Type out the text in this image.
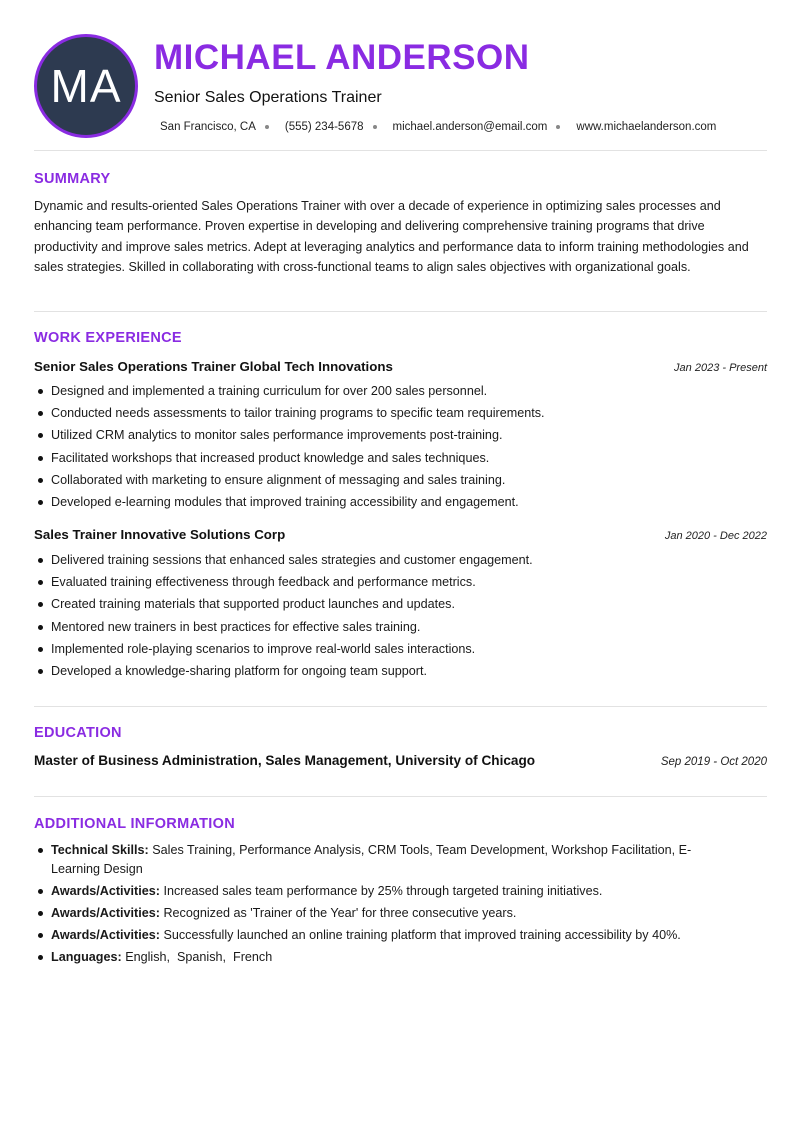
MA
MICHAEL ANDERSON
Senior Sales Operations Trainer
San Francisco, CA	(555) 234-5678	michael.anderson@email.com	www.michaelanderson.com
SUMMARY
Dynamic and results-oriented Sales Operations Trainer with over a decade of experience in optimizing sales processes and enhancing team performance. Proven expertise in developing and delivering comprehensive training programs that drive productivity and improve sales metrics. Adept at leveraging analytics and performance data to inform training methodologies and sales strategies. Skilled in collaborating with cross-functional teams to align sales objectives with organizational goals.
WORK EXPERIENCE
Senior Sales Operations Trainer Global Tech Innovations	Jan 2023 - Present
Designed and implemented a training curriculum for over 200 sales personnel.
Conducted needs assessments to tailor training programs to specific team requirements.
Utilized CRM analytics to monitor sales performance improvements post-training.
Facilitated workshops that increased product knowledge and sales techniques.
Collaborated with marketing to ensure alignment of messaging and sales training.
Developed e-learning modules that improved training accessibility and engagement.
Sales Trainer Innovative Solutions Corp	Jan 2020 - Dec 2022
Delivered training sessions that enhanced sales strategies and customer engagement.
Evaluated training effectiveness through feedback and performance metrics.
Created training materials that supported product launches and updates.
Mentored new trainers in best practices for effective sales training.
Implemented role-playing scenarios to improve real-world sales interactions.
Developed a knowledge-sharing platform for ongoing team support.
EDUCATION
Master of Business Administration, Sales Management, University of Chicago	Sep 2019 - Oct 2020
ADDITIONAL INFORMATION
Technical Skills: Sales Training, Performance Analysis, CRM Tools, Team Development, Workshop Facilitation, E-Learning Design
Awards/Activities: Increased sales team performance by 25% through targeted training initiatives.
Awards/Activities: Recognized as 'Trainer of the Year' for three consecutive years.
Awards/Activities: Successfully launched an online training platform that improved training accessibility by 40%.
Languages: English,  Spanish,  French
